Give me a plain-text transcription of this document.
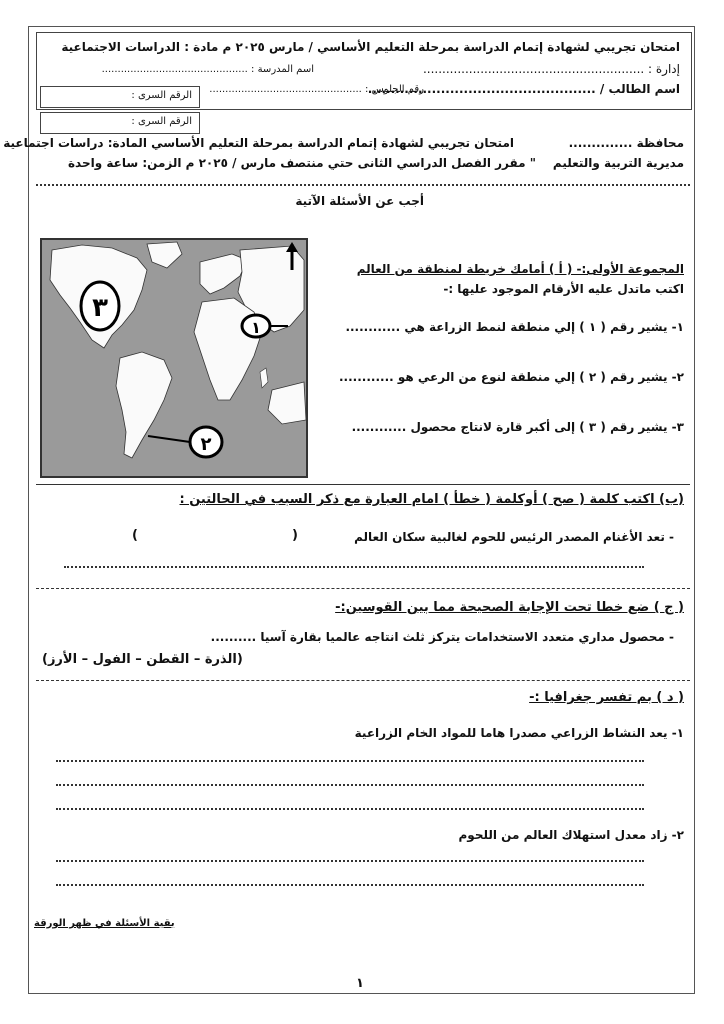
امتحان تجريبي لشهادة إتمام الدراسة بمرحلة التعليم الأساسي / مارس ٢٠٢٥ م مادة : الدراسات الاجتماعية
إدارة : ..........................................................
اسم المدرسة : ..............................................
اسم الطالب / ..................................................
رقم الجلوس : ................................................
الرقم السرى :
الرقم السرى :
محافظة ..............
امتحان تجريبي لشهادة إتمام الدراسة بمرحلة التعليم الأساسي المادة: دراسات اجتماعية
مديرية التربية والتعليم
" مقرر الفصل الدراسي الثانى حتي منتصف مارس / ٢٠٢٥ م الزمن: ساعة واحدة
أجب عن الأسئلة الآتية
٣
١
٢
المجموعة الأولى:- ( أ ) أمامك خريطة لمنطقة من العالم
اكتب ماتدل عليه الأرقام الموجود عليها :-
١- يشير رقم ( ١ ) إلي منطقة لنمط الزراعة هي ............
٢- يشير رقم ( ٢ ) إلي منطقة لنوع من الرعي هو ............
٣- يشير رقم ( ٣ ) إلى أكبر قارة لانتاج محصول ............
(ب) اكتب كلمة ( صح ) أوكلمة ( خطأ ) امام العبارة مع ذكر السبب في الحالتين :
- تعد الأغنام المصدر الرئيس للحوم لغالبية سكان العالم
(
)
( ج ) ضع خطا تحت الإجابة الصحيحة مما بين القوسين:-
- محصول مداري متعدد الاستخدامات يتركز ثلث انتاجه عالميا بقارة آسيا ..........
(الذرة – القطن – الفول – الأرز)
( د ) بم تفسر جغرافيا :-
١- يعد النشاط الزراعي مصدرا هاما للمواد الخام الزراعية
٢- زاد معدل استهلاك العالم من اللحوم
بقية الأسئلة في ظهر الورقة
١
